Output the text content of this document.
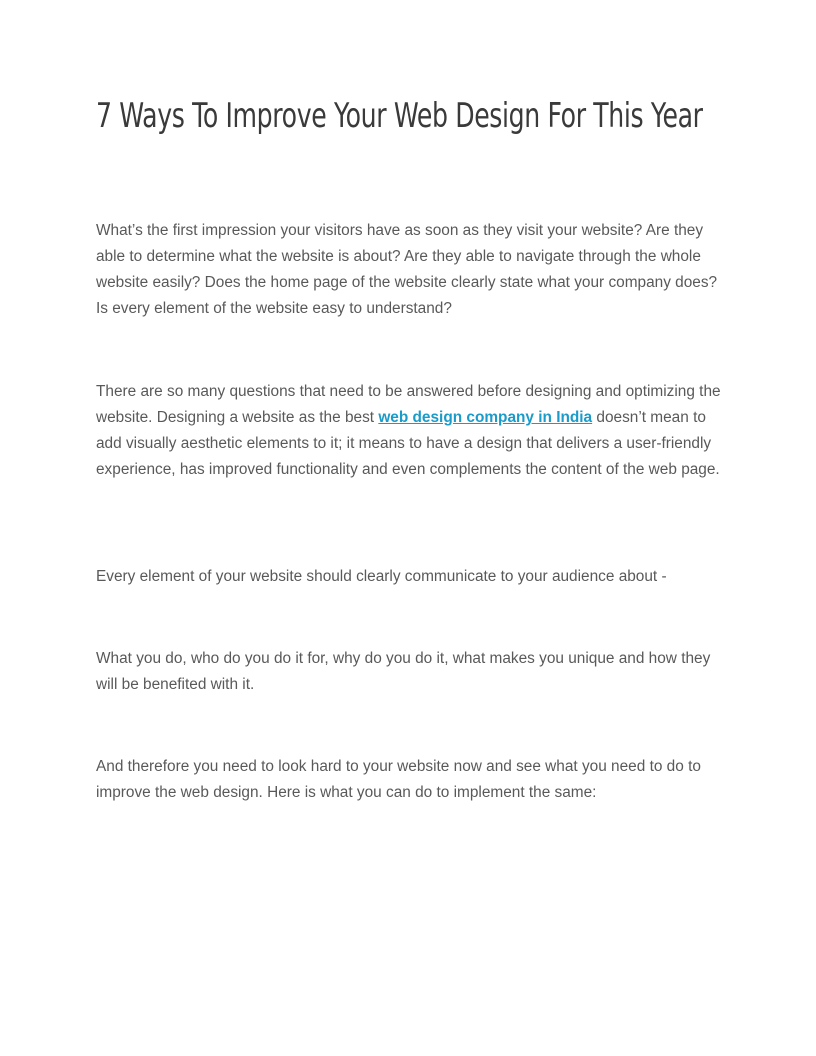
7 Ways To Improve Your Web Design For This Year

What’s the first impression your visitors have as soon as they visit your website? Are they able to determine what the website is about? Are they able to navigate through the whole website easily? Does the home page of the website clearly state what your company does? Is every element of the website easy to understand?

There are so many questions that need to be answered before designing and optimizing the website. Designing a website as the best web design company in India doesn’t mean to add visually aesthetic elements to it; it means to have a design that delivers a user-friendly experience, has improved functionality and even complements the content of the web page.

Every element of your website should clearly communicate to your audience about -

What you do, who do you do it for, why do you do it, what makes you unique and how they will be benefited with it.

And therefore you need to look hard to your website now and see what you need to do to improve the web design. Here is what you can do to implement the same:
